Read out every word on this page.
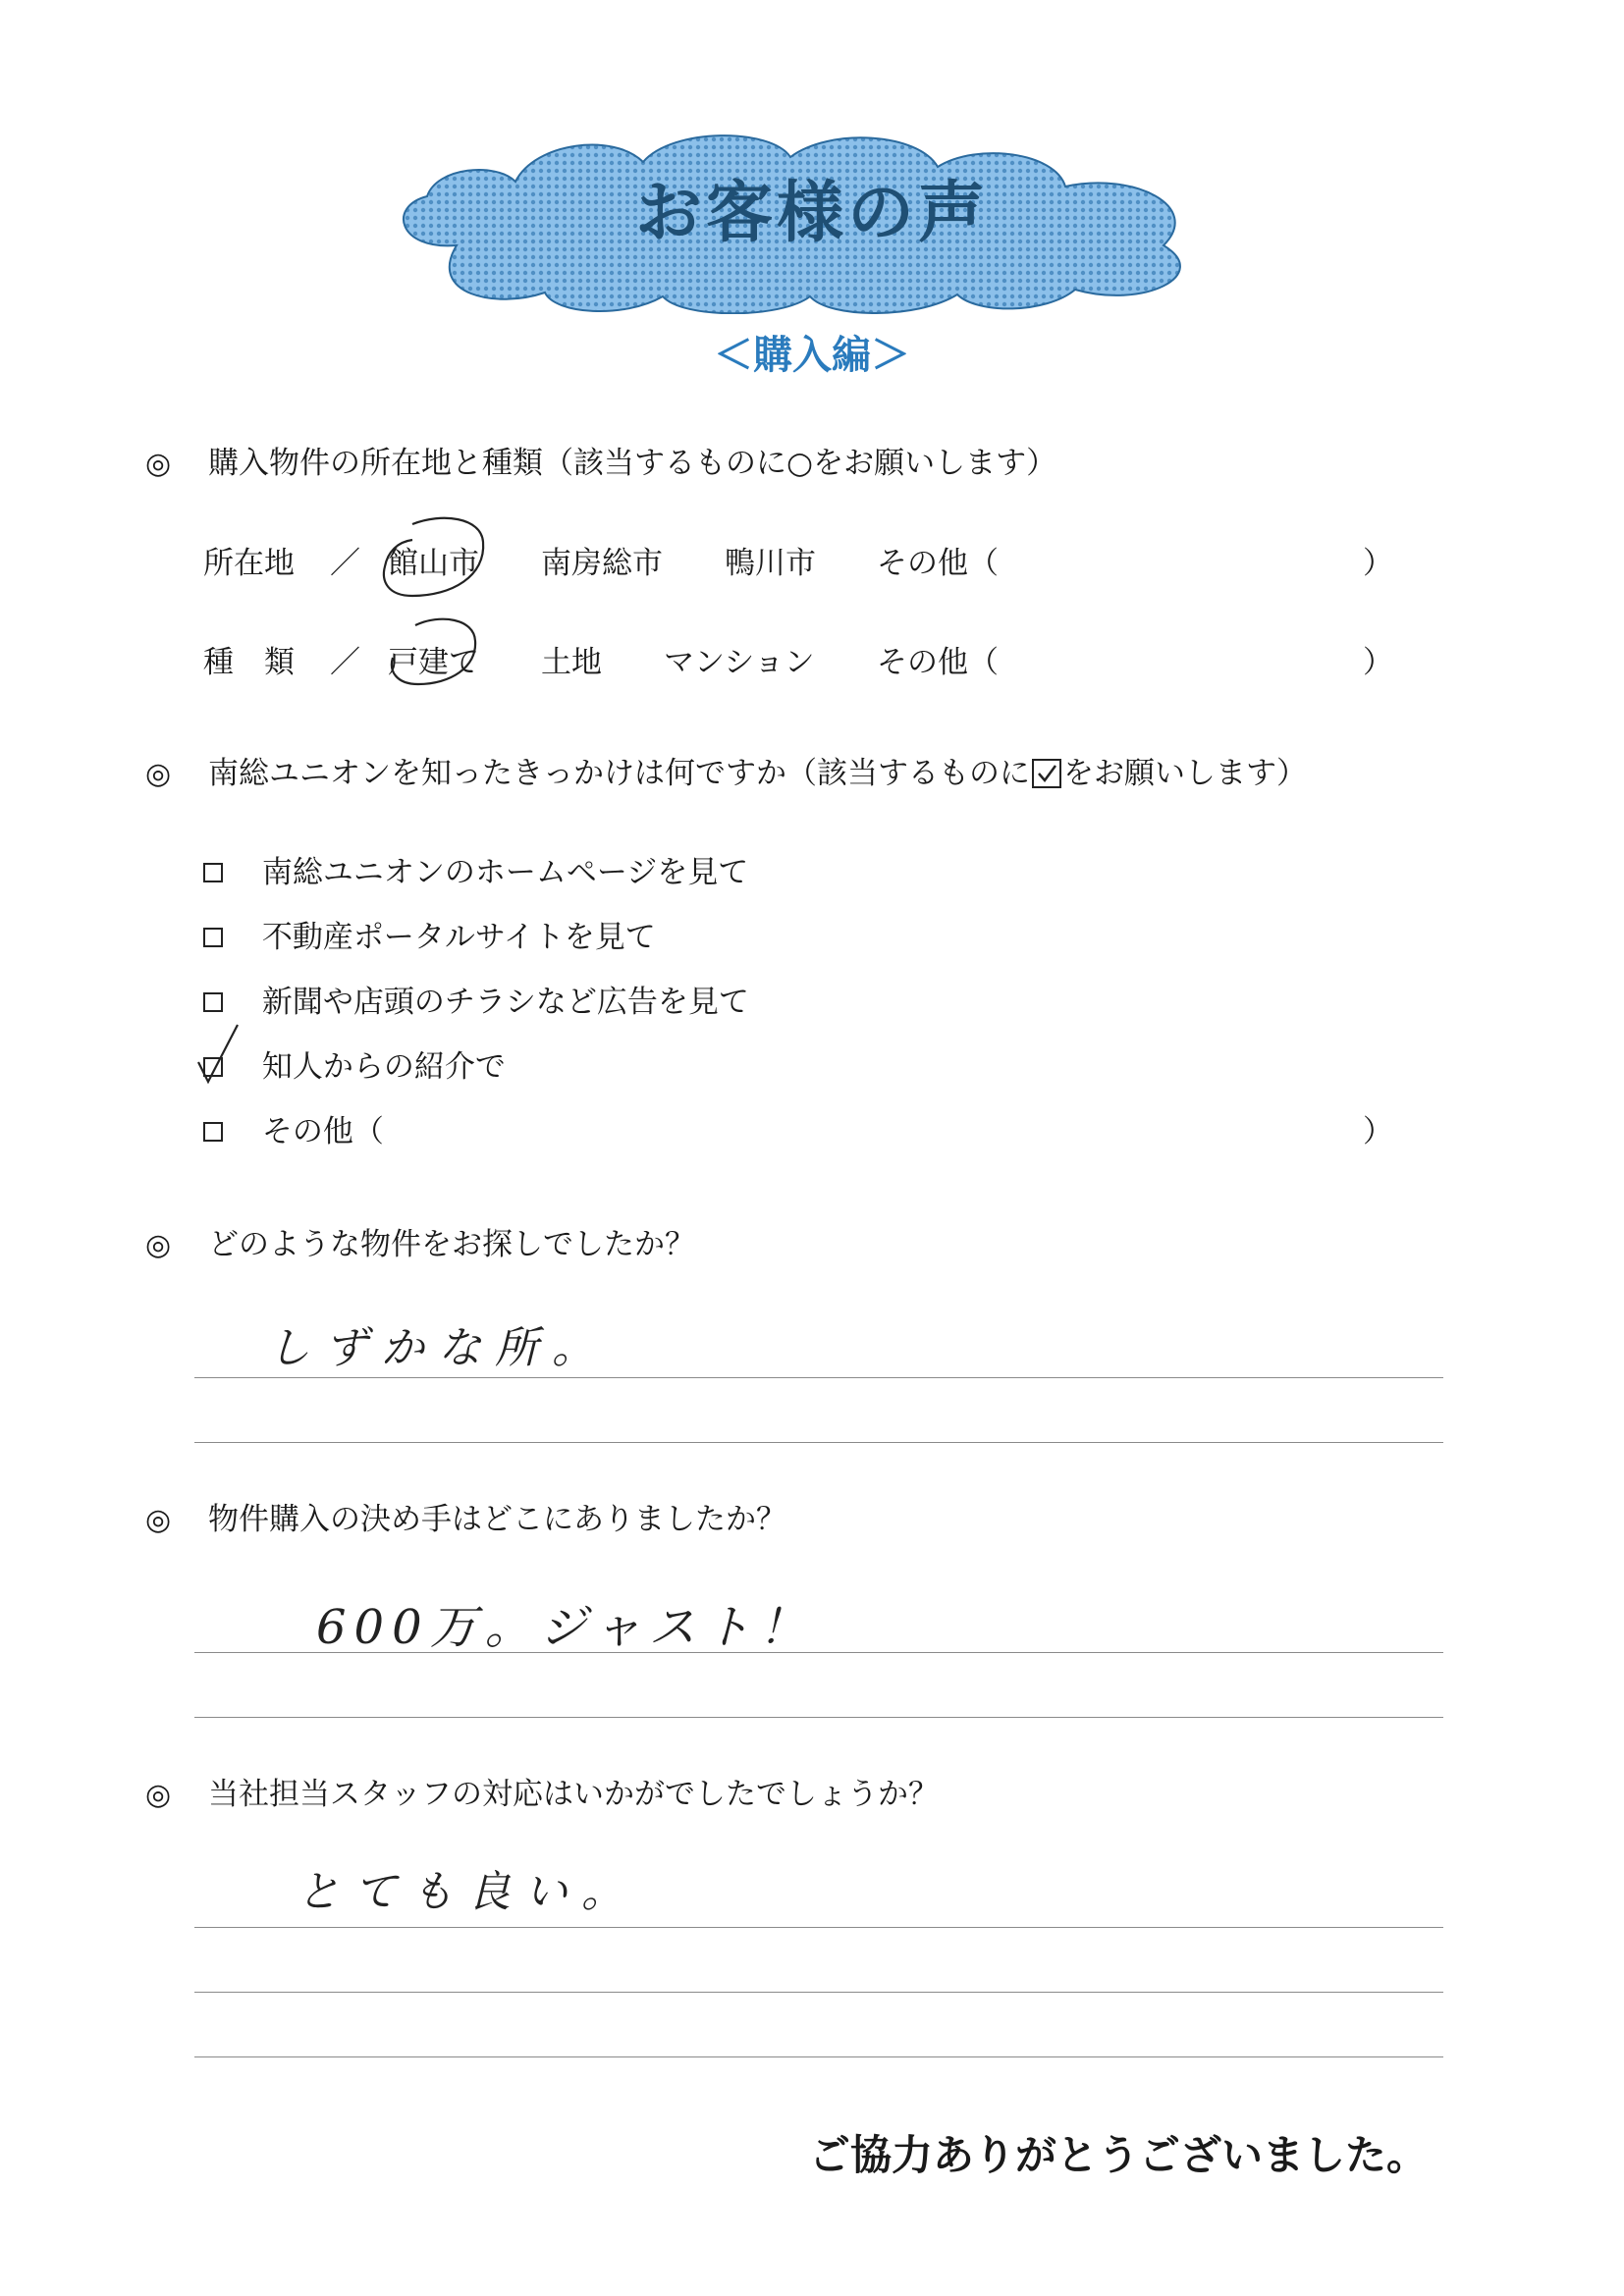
お客様の声
＜購入編＞
◎ 購入物件の所在地と種類（該当するものに○をお願いします）
所在地 ／ 館山市 南房総市 鴨川市 その他（	）
種　類 ／ 戸建て 土地 マンション その他（	）
◎ 南総ユニオンを知ったきっかけは何ですか（該当するものに をお願いします）
南総ユニオンのホームページを見て
不動産ポータルサイトを見て
新聞や店頭のチラシなど広告を見て
知人からの紹介で
その他（	）
◎ どのような物件をお探しでしたか？
しずかな所。
◎ 物件購入の決め手はどこにありましたか？
600万。ジャスト！
◎ 当社担当スタッフの対応はいかがでしたでしょうか？
とても良い。
ご協力ありがとうございました。
